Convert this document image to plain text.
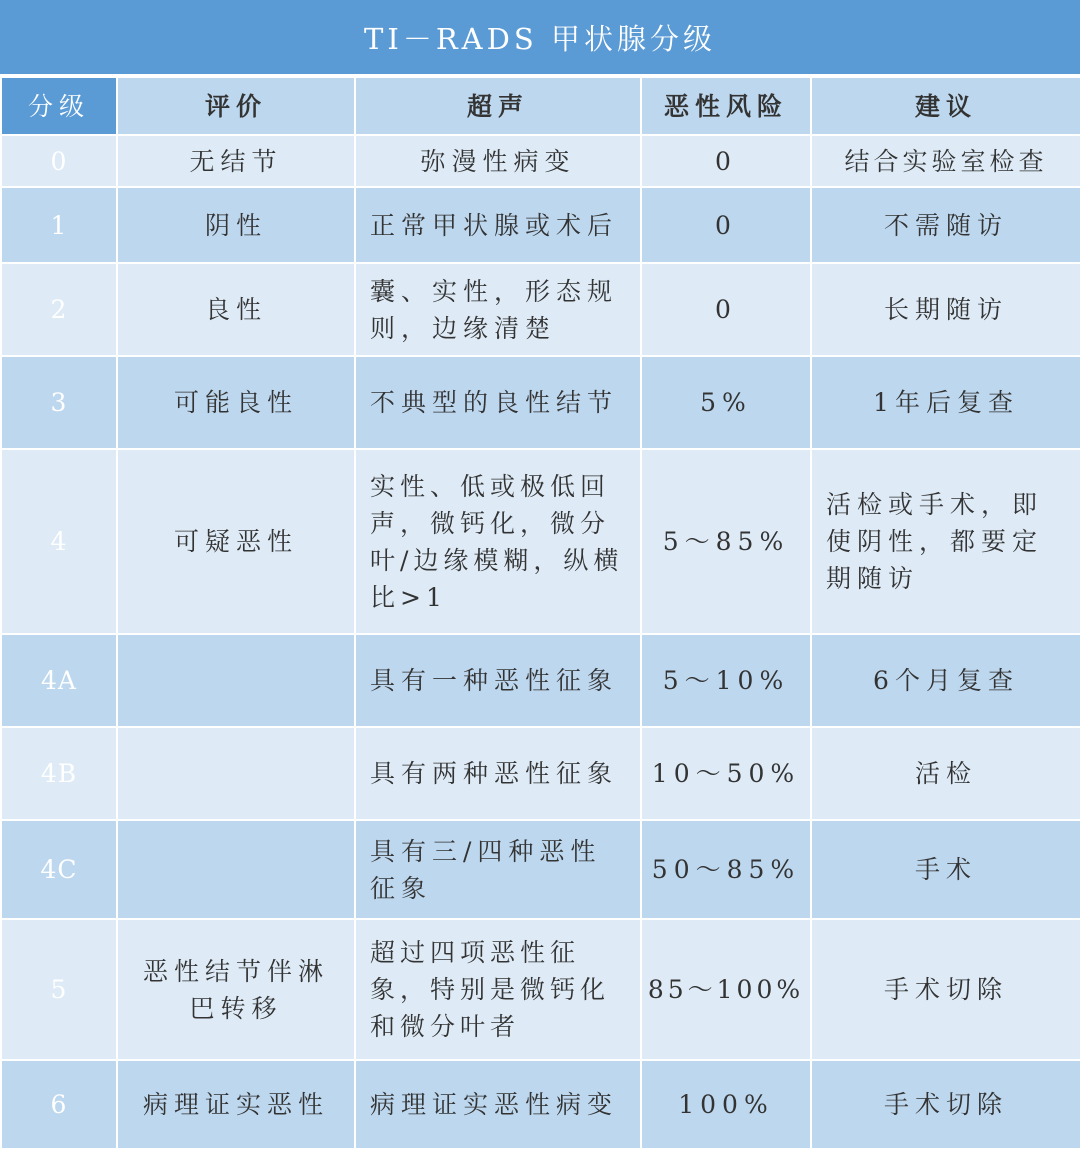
TI－RADS 甲状腺分级
分级	评价	超声	恶性风险	建议
0	无结节	弥漫性病变	0	结合实验室检查
1	阴性	正常甲状腺或术后	0	不需随访
2	良性	囊、实性，形态规则，边缘清楚	0	长期随访
3	可能良性	不典型的良性结节	5%	1年后复查
4	可疑恶性	实性、低或极低回声，微钙化，微分叶/边缘模糊，纵横比>1	5～85%	活检或手术，即使阴性，都要定期随访
4A		具有一种恶性征象	5～10%	6个月复查
4B		具有两种恶性征象	10～50%	活检
4C		具有三/四种恶性征象	50～85%	手术
5	恶性结节伴淋巴转移	超过四项恶性征象，特别是微钙化和微分叶者	85～100%	手术切除
6	病理证实恶性	病理证实恶性病变	100%	手术切除
